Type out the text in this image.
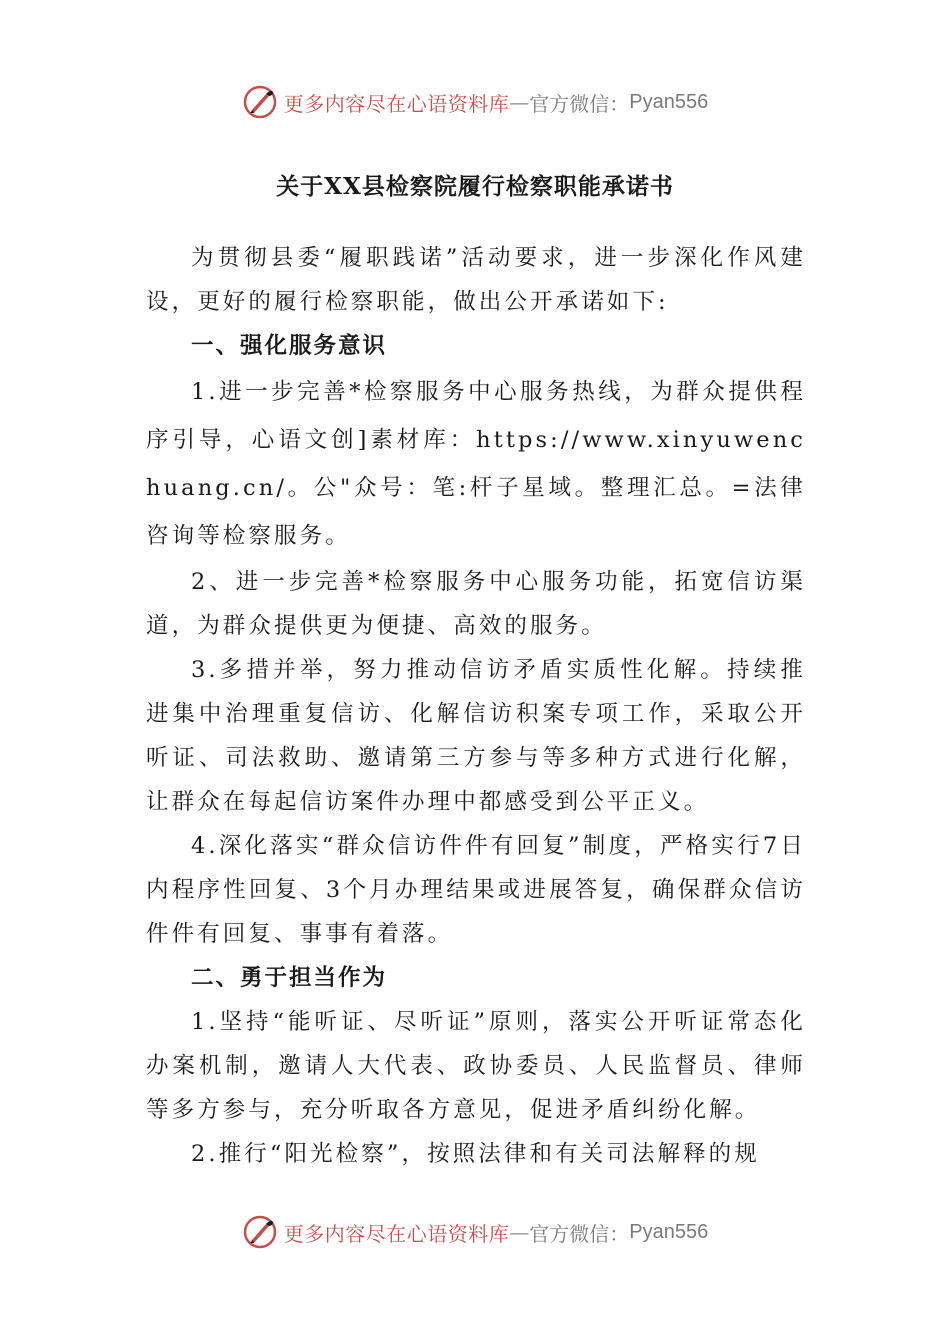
更多内容尽在心语资料库 — 官方微信： Pyan556
关于XX县检察院履行检察职能承诺书

为贯彻县委“履职践诺”活动要求，进一步深化作风建设，更好的履行检察职能，做出公开承诺如下:

一、强化服务意识

1.进一步完善*检察服务中心服务热线，为群众提供程序引导，心语文创]素材库：https://www.xinyuwenchuang.cn/。公"众号：笔:杆子星域。整理汇总。=法律咨询等检察服务。

2、进一步完善*检察服务中心服务功能，拓宽信访渠道，为群众提供更为便捷、高效的服务。

3.多措并举，努力推动信访矛盾实质性化解。持续推进集中治理重复信访、化解信访积案专项工作，采取公开听证、司法救助、邀请第三方参与等多种方式进行化解，让群众在每起信访案件办理中都感受到公平正义。

4.深化落实“群众信访件件有回复”制度，严格实行7日内程序性回复、3个月办理结果或进展答复，确保群众信访件件有回复、事事有着落。

二、勇于担当作为

1.坚持“能听证、尽听证”原则，落实公开听证常态化办案机制，邀请人大代表、政协委员、人民监督员、律师等多方参与，充分听取各方意见，促进矛盾纠纷化解。

2.推行“阳光检察”，按照法律和有关司法解释的规

更多内容尽在心语资料库 — 官方微信： Pyan556
